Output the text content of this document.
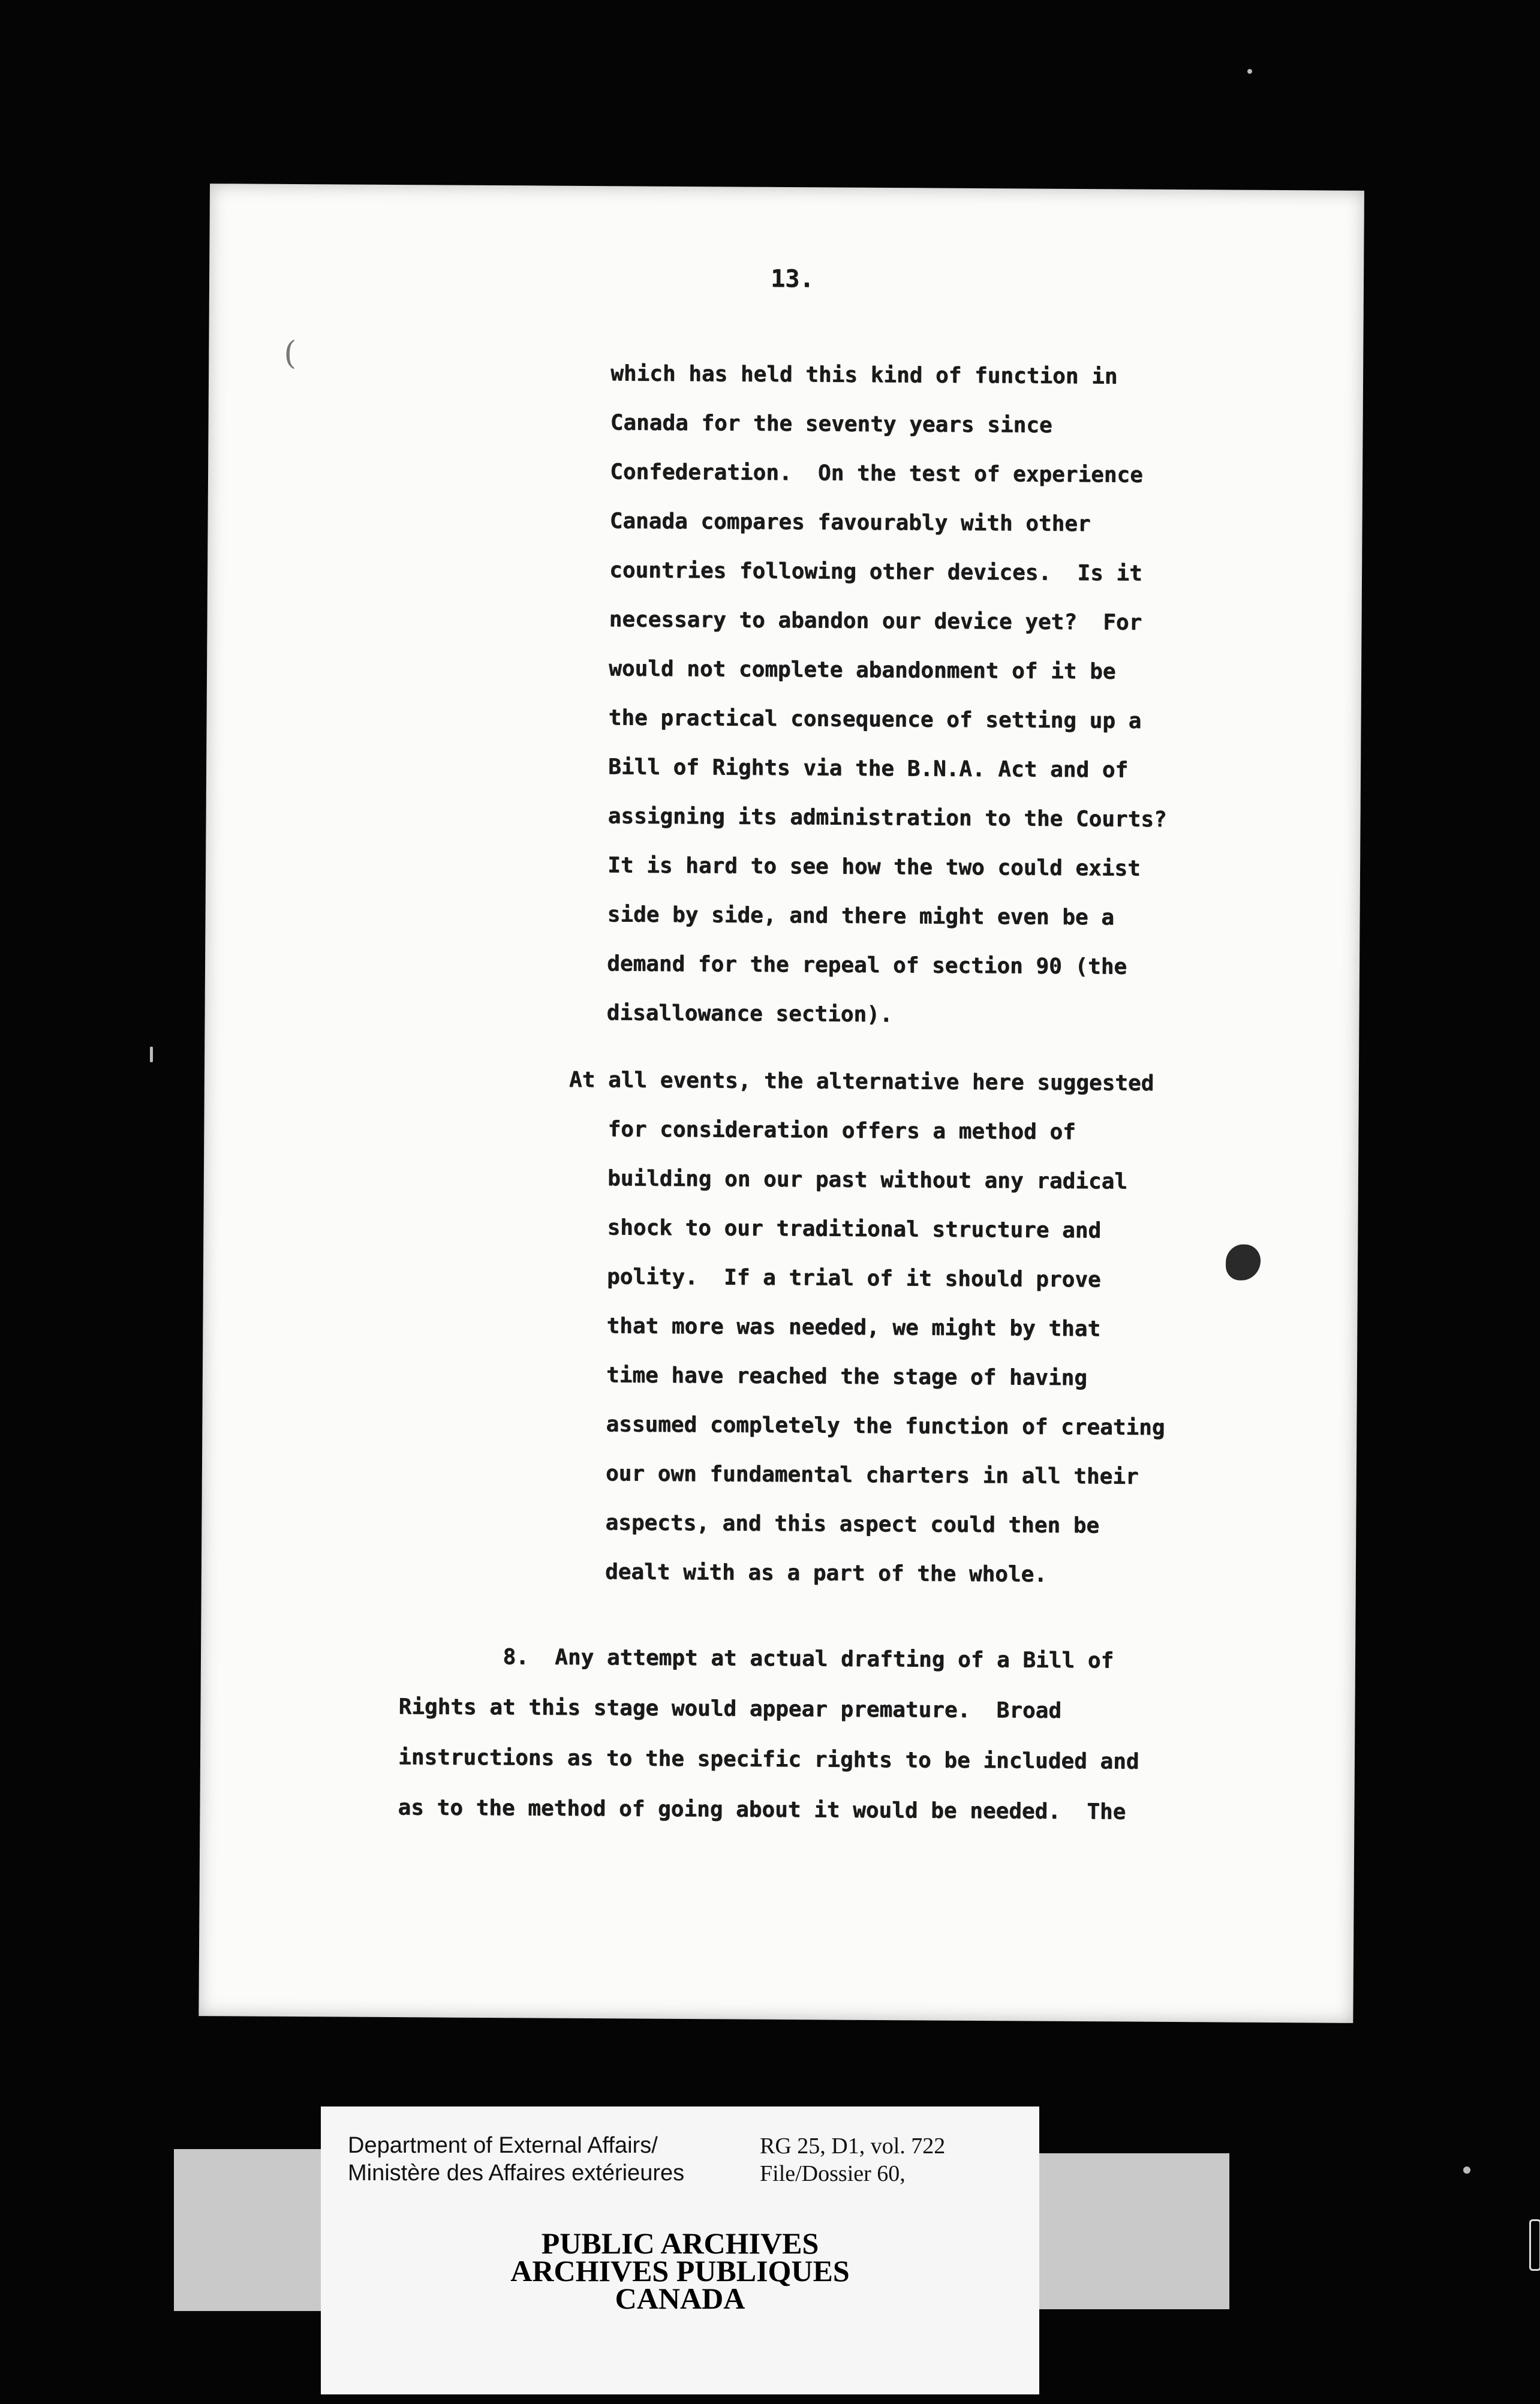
(
13.
which has held this kind of function in
Canada for the seventy years since
Confederation.  On the test of experience
Canada compares favourably with other
countries following other devices.  Is it
necessary to abandon our device yet?  For
would not complete abandonment of it be
the practical consequence of setting up a
Bill of Rights via the B.N.A. Act and of
assigning its administration to the Courts?
It is hard to see how the two could exist
side by side, and there might even be a
demand for the repeal of section 90 (the
disallowance section).
At all events, the alternative here suggested
for consideration offers a method of
building on our past without any radical
shock to our traditional structure and
polity.  If a trial of it should prove
that more was needed, we might by that
time have reached the stage of having
assumed completely the function of creating
our own fundamental charters in all their
aspects, and this aspect could then be
dealt with as a part of the whole.
8.  Any attempt at actual drafting of a Bill of
Rights at this stage would appear premature.  Broad
instructions as to the specific rights to be included and
as to the method of going about it would be needed.  The
Department of External Affairs/
Ministère des Affaires extérieures
RG 25, D1, vol. 722
File/Dossier 60,
PUBLIC ARCHIVES
ARCHIVES PUBLIQUES
CANADA
